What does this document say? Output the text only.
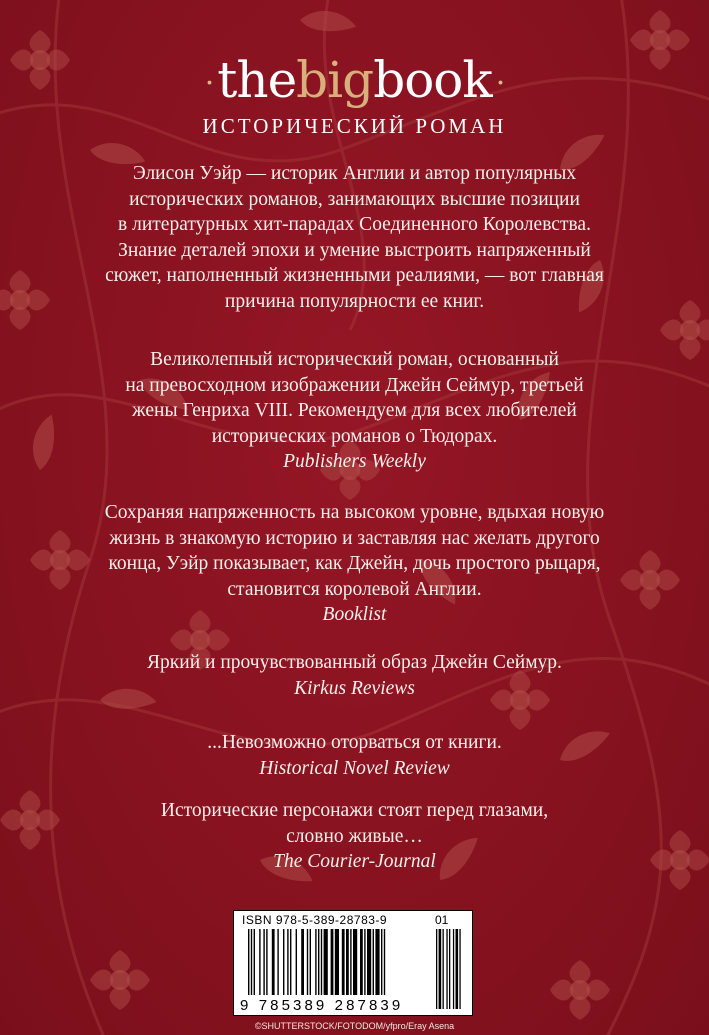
·thebigbook ·
ИСТОРИЧЕСКИЙ РОМАН
Элисон Уэйр — историк Англии и автор популярных
исторических романов, занимающих высшие позиции
в литературных хит-парадах Соединенного Королевства.
Знание деталей эпохи и умение выстроить напряженный
сюжет, наполненный жизненными реалиями, — вот главная
причина популярности ее книг.
Великолепный исторический роман, основанный
на превосходном изображении Джейн Сеймур, третьей
жены Генриха VIII. Рекомендуем для всех любителей
исторических романов о Тюдорах.
Publishers Weekly
Сохраняя напряженность на высоком уровне, вдыхая новую
жизнь в знакомую историю и заставляя нас желать другого
конца, Уэйр показывает, как Джейн, дочь простого рыцаря,
становится королевой Англии.
Booklist
Яркий и прочувствованный образ Джейн Сеймур.
Kirkus Reviews
...Невозможно оторваться от книги.
Historical Novel Review
Исторические персонажи стоят перед глазами,
словно живые…
The Courier-Journal
ISBN 978-5-389-28783-9	01
9 785389 287839
©SHUTTERSTOCK/FOTODOM/yfpro/Eray Asena
